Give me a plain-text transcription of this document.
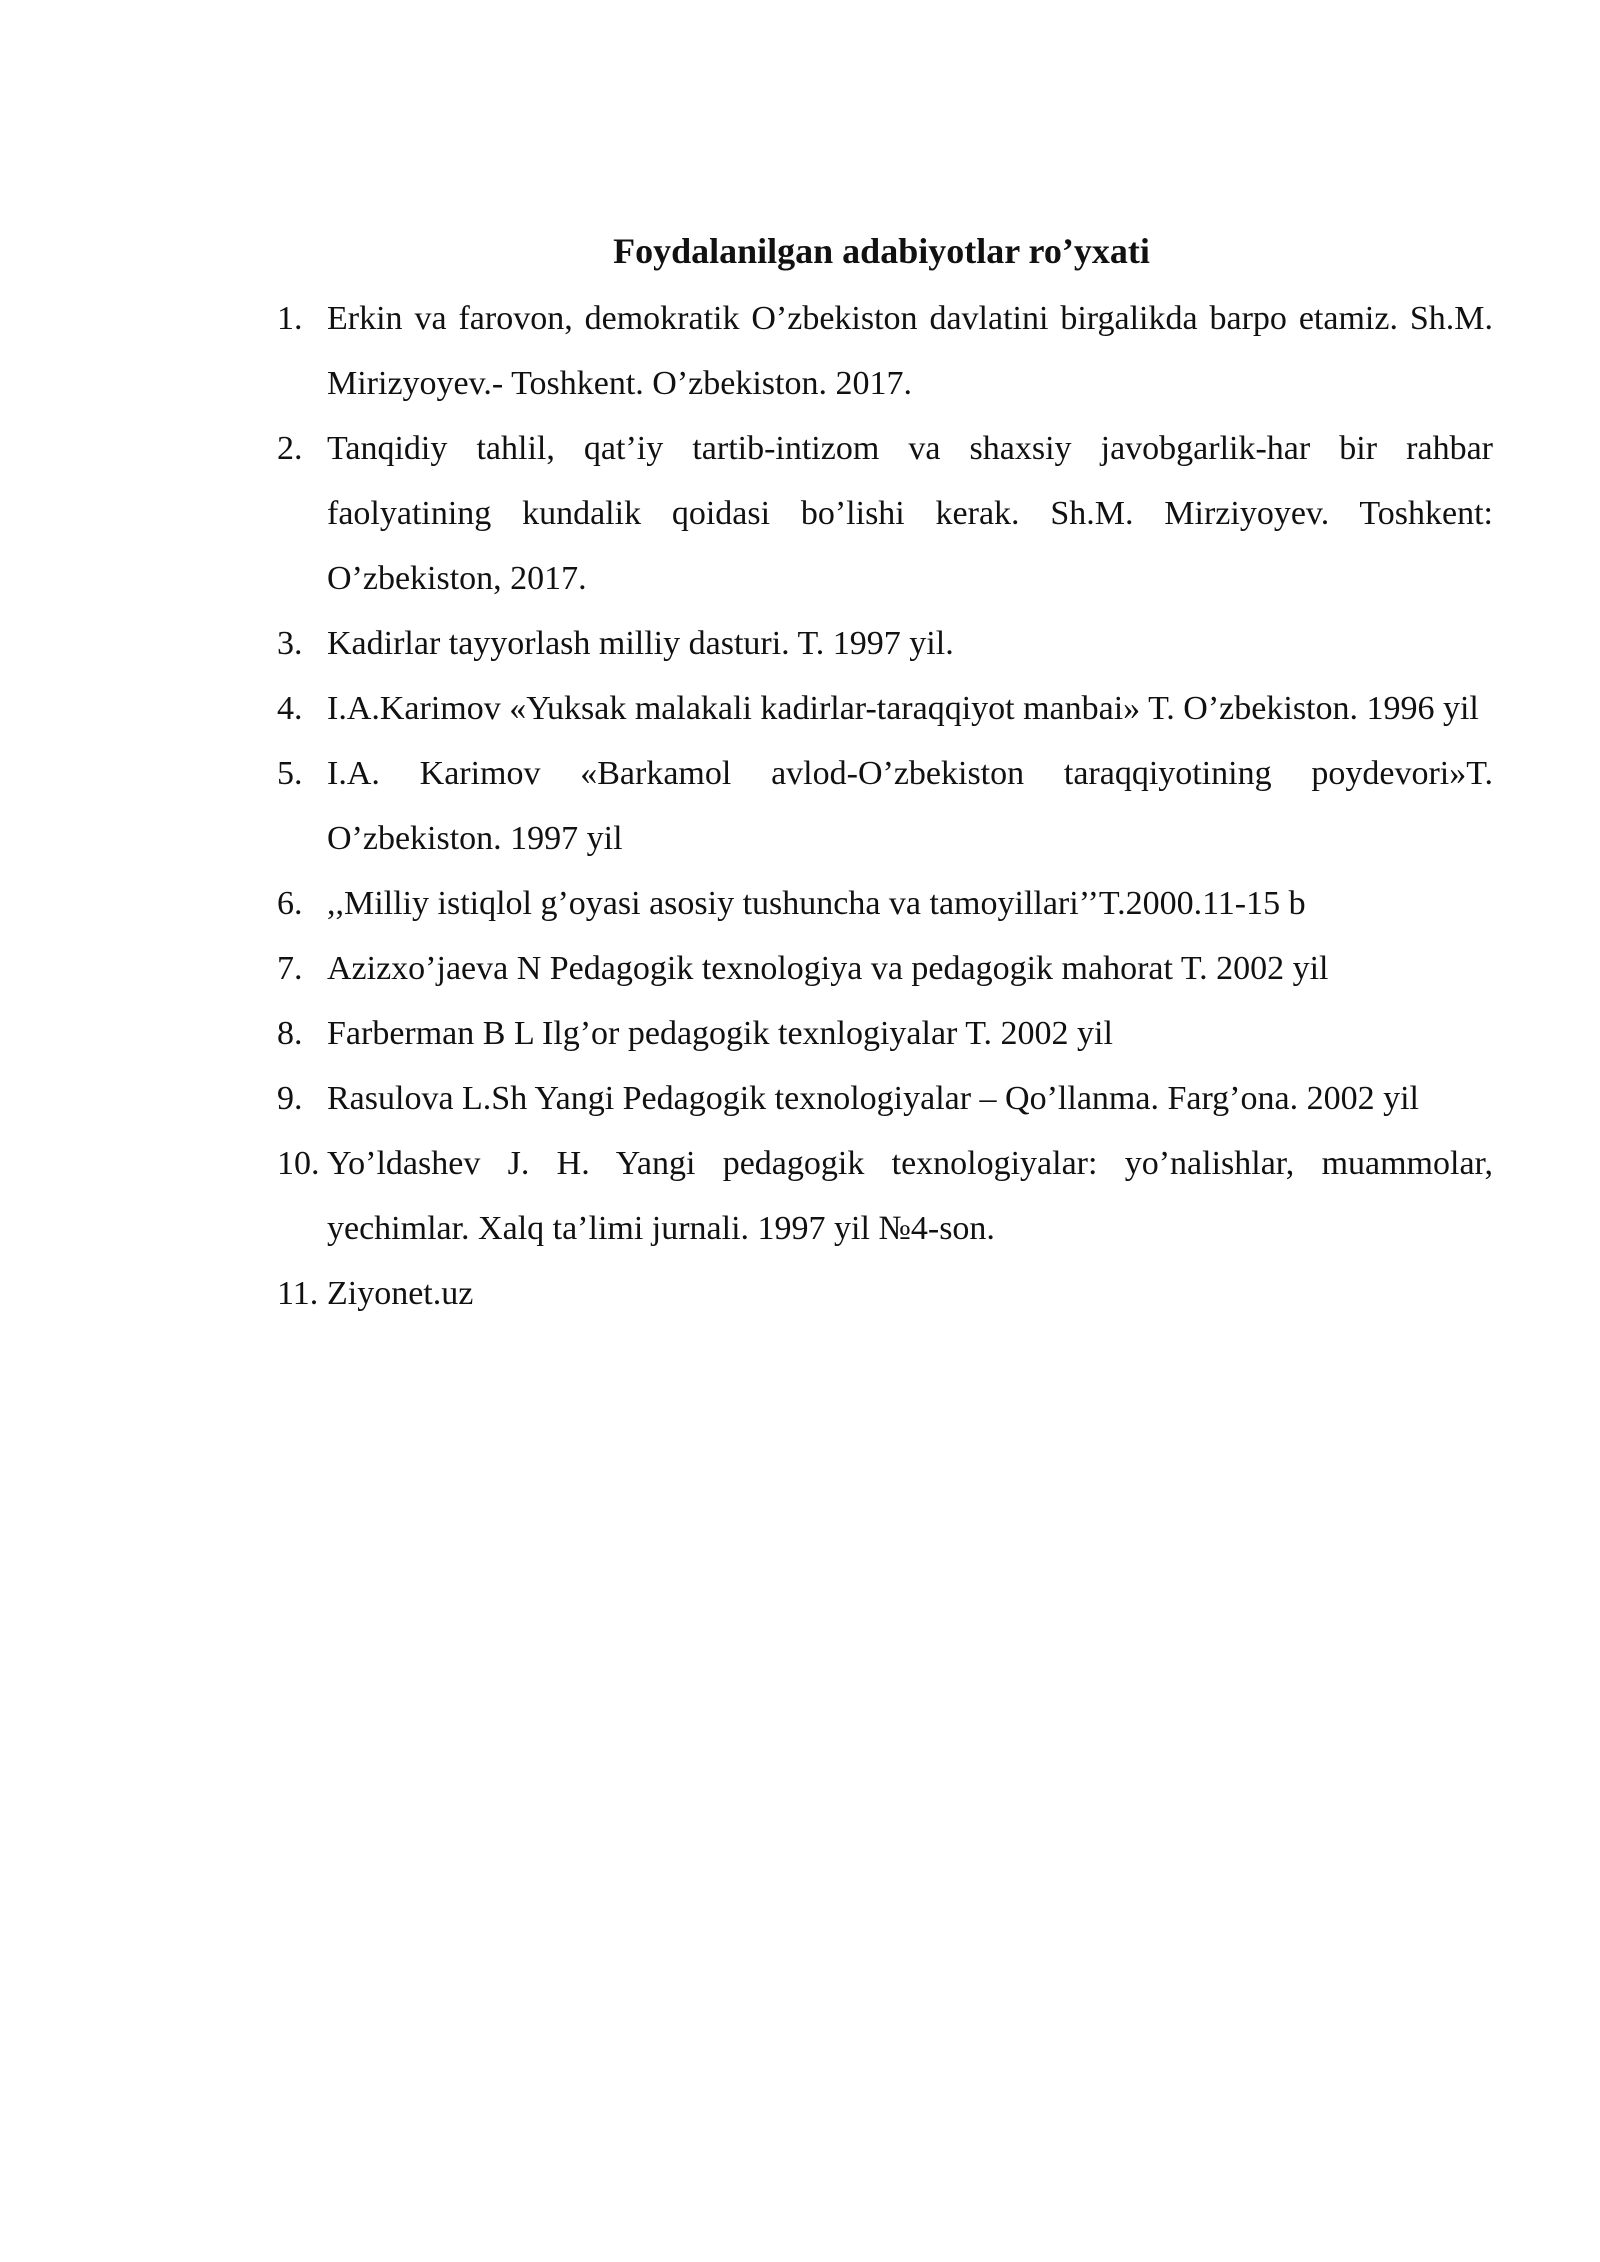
Foydalanilgan adabiyotlar ro’yxati
1. Erkin va farovon, demokratik O’zbekiston davlatini birgalikda barpo etamiz. Sh.M. Mirizyoyev.- Toshkent. O’zbekiston. 2017.
2. Tanqidiy tahlil, qat’iy tartib-intizom va shaxsiy javobgarlik-har bir rahbar faolyatining kundalik qoidasi bo’lishi kerak. Sh.M. Mirziyoyev. Toshkent: O’zbekiston, 2017.
3. Kadirlar tayyorlash milliy dasturi. T. 1997 yil.
4. I.A.Karimov «Yuksak malakali kadirlar-taraqqiyot manbai» T. O’zbekiston. 1996 yil
5. I.A. Karimov «Barkamol avlod-O’zbekiston taraqqiyotining poydevori»T. O’zbekiston. 1997 yil
6. ,,Milliy istiqlol g’oyasi asosiy tushuncha va tamoyillari’’T.2000.11-15 b
7. Azizxo’jaeva N Pedagogik texnologiya va pedagogik mahorat T. 2002 yil
8. Farberman B L Ilg’or pedagogik texnlogiyalar T. 2002 yil
9. Rasulova L.Sh Yangi Pedagogik texnologiyalar – Qo’llanma. Farg’ona. 2002 yil
10. Yo’ldashev J. H. Yangi pedagogik texnologiyalar: yo’nalishlar, muammolar, yechimlar. Xalq ta’limi jurnali. 1997 yil №4-son.
11. Ziyonet.uz
